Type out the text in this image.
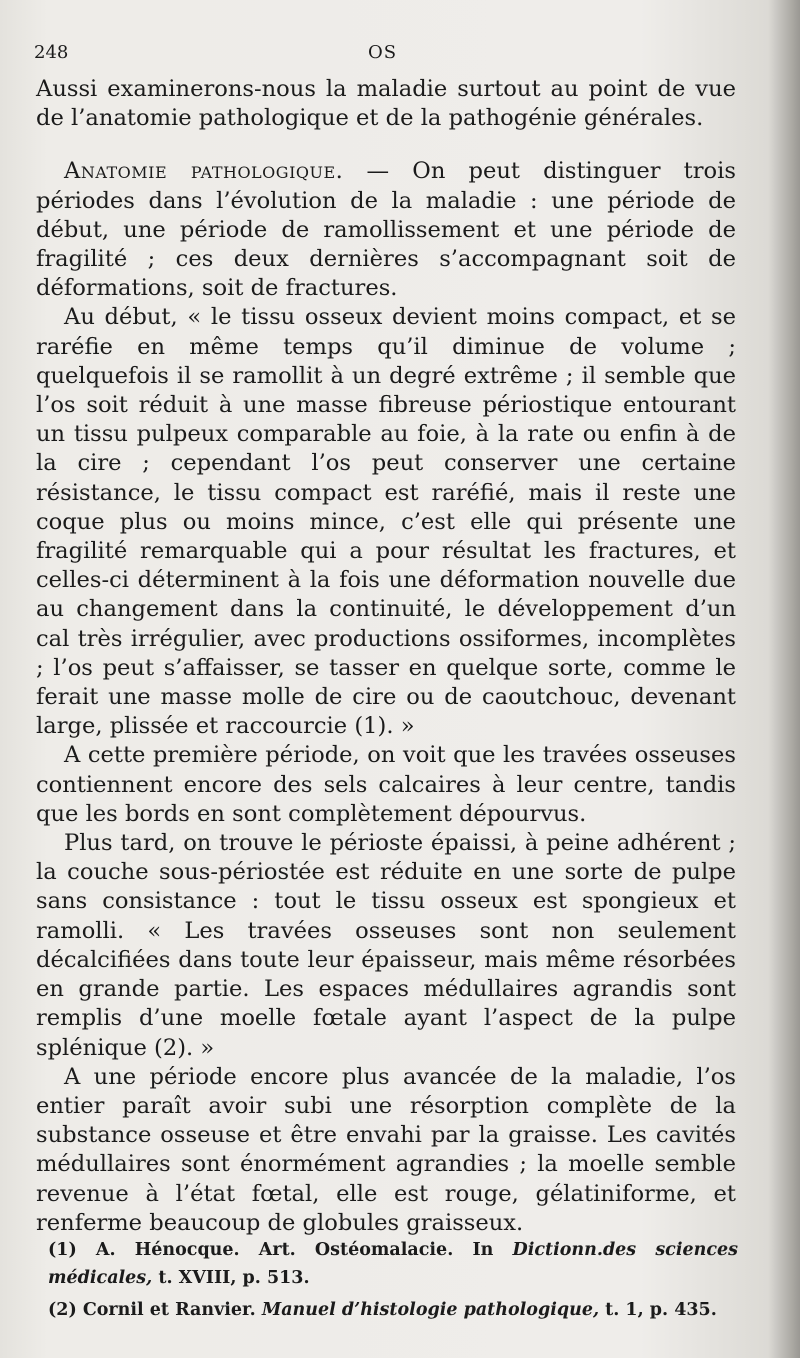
248	OS

Aussi examinerons-nous la maladie surtout au point de vue de l’anatomie pathologique et de la pathogénie générales.

Anatomie pathologique. — On peut distinguer trois périodes dans l’évolution de la maladie : une période de début, une période de ramollissement et une période de fragilité ; ces deux dernières s’accompagnant soit de déformations, soit de fractures.

Au début, « le tissu osseux devient moins compact, et se raréfie en même temps qu’il diminue de volume ; quelquefois il se ramollit à un degré extrême ; il semble que l’os soit réduit à une masse fibreuse périostique entourant un tissu pulpeux comparable au foie, à la rate ou enfin à de la cire ; cependant l’os peut conserver une certaine résistance, le tissu compact est raréfié, mais il reste une coque plus ou moins mince, c’est elle qui présente une fragilité remarquable qui a pour résultat les fractures, et celles-ci déterminent à la fois une déformation nouvelle due au changement dans la continuité, le développement d’un cal très irrégulier, avec productions ossiformes, incomplètes ; l’os peut s’affaisser, se tasser en quelque sorte, comme le ferait une masse molle de cire ou de caoutchouc, devenant large, plissée et raccourcie (1). »

A cette première période, on voit que les travées osseuses contiennent encore des sels calcaires à leur centre, tandis que les bords en sont complètement dépourvus.

Plus tard, on trouve le périoste épaissi, à peine adhérent ; la couche sous-périostée est réduite en une sorte de pulpe sans consistance : tout le tissu osseux est spongieux et ramolli. « Les travées osseuses sont non seulement décalcifiées dans toute leur épaisseur, mais même résorbées en grande partie. Les espaces médullaires agrandis sont remplis d’une moelle fœtale ayant l’aspect de la pulpe splénique (2). »

A une période encore plus avancée de la maladie, l’os entier paraît avoir subi une résorption complète de la substance osseuse et être envahi par la graisse. Les cavités médullaires sont énormément agrandies ; la moelle semble revenue à l’état fœtal, elle est rouge, gélatiniforme, et renferme beaucoup de globules graisseux.

(1) A. Hénocque. Art. Ostéomalacie. In Dictionn.des sciences médicales, t. XVIII, p. 513.

(2) Cornil et Ranvier. Manuel d’histologie pathologique, t. 1, p. 435.
